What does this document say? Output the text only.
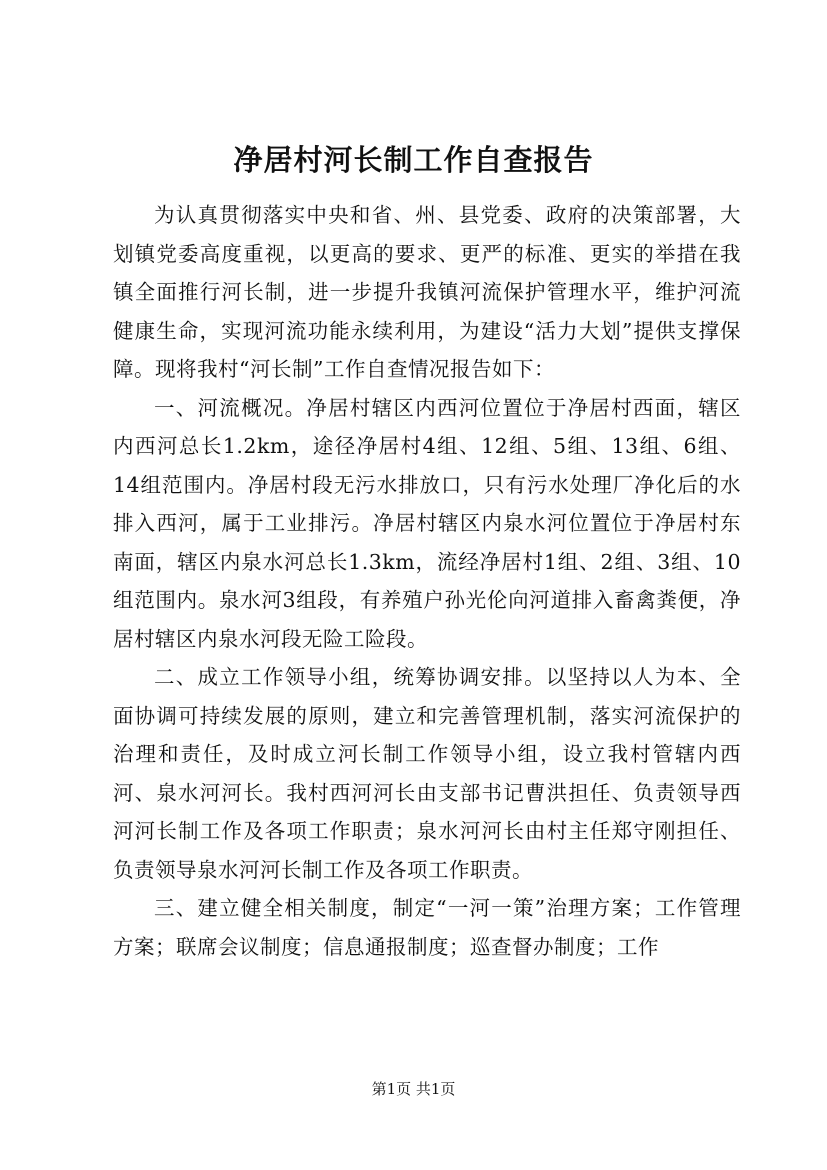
净居村河长制工作自查报告

为认真贯彻落实中央和省、州、县党委、政府的决策部署，大划镇党委高度重视，以更高的要求、更严的标准、更实的举措在我镇全面推行河长制，进一步提升我镇河流保护管理水平，维护河流健康生命，实现河流功能永续利用，为建设“活力大划”提供支撑保障。现将我村“河长制”工作自查情况报告如下：

一、河流概况。净居村辖区内西河位置位于净居村西面，辖区内西河总长1.2km，途径净居村4组、12组、5组、13组、6组、14组范围内。净居村段无污水排放口，只有污水处理厂净化后的水排入西河，属于工业排污。净居村辖区内泉水河位置位于净居村东南面，辖区内泉水河总长1.3km，流经净居村1组、2组、3组、10组范围内。泉水河3组段，有养殖户孙光伦向河道排入畜禽粪便，净居村辖区内泉水河段无险工险段。

二、成立工作领导小组，统筹协调安排。以坚持以人为本、全面协调可持续发展的原则，建立和完善管理机制，落实河流保护的治理和责任，及时成立河长制工作领导小组，设立我村管辖内西河、泉水河河长。我村西河河长由支部书记曹洪担任、负责领导西河河长制工作及各项工作职责；泉水河河长由村主任郑守刚担任、负责领导泉水河河长制工作及各项工作职责。

三、建立健全相关制度，制定“一河一策”治理方案；工作管理方案；联席会议制度；信息通报制度；巡查督办制度；工作

第1页 共1页
